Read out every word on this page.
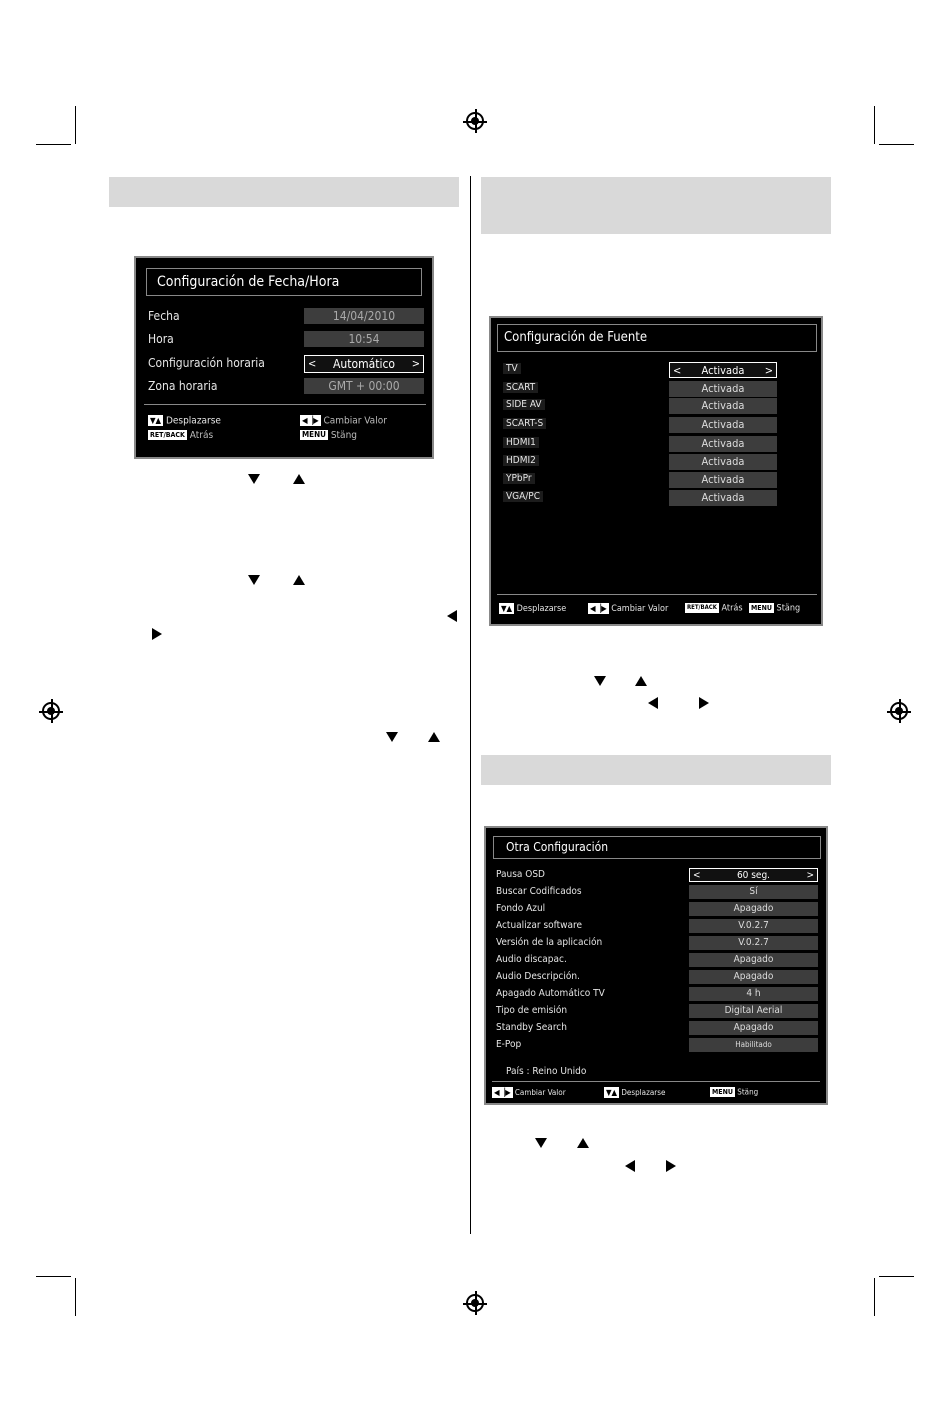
Configuración de Fecha/Hora
Fecha	14/04/2010
Hora	10:54
Configuración horaria	< Automático >
Zona horaria	GMT + 00:00
▼▲ Desplazarse	◀▕▶ Cambiar Valor
RET/BACK Atrás	MENU Stäng
Configuración de Fuente
TV	< Activada >
SCART	Activada
SIDE AV	Activada
SCART-S	Activada
HDMI1	Activada
HDMI2	Activada
YPbPr	Activada
VGA/PC	Activada
▼▲ Desplazarse	◀▕▶ Cambiar Valor	RET/BACK Atrás MENU Stäng
Otra Configuración
Pausa OSD	<	60 seg.	>
Buscar Codificados	Sí
Fondo Azul	Apagado
Actualizar software	V.0.2.7
Versión de la aplicación	V.0.2.7
Audio discapac.	Apagado
Audio Descripción.	Apagado
Apagado Automático TV	4 h
Tipo de emisión	Digital Aerial
Standby Search	Apagado
E-Pop	Habilitado
País : Reino Unido
◀▕▶ Cambiar Valor	▼▲ Desplazarse	MENU Stäng
